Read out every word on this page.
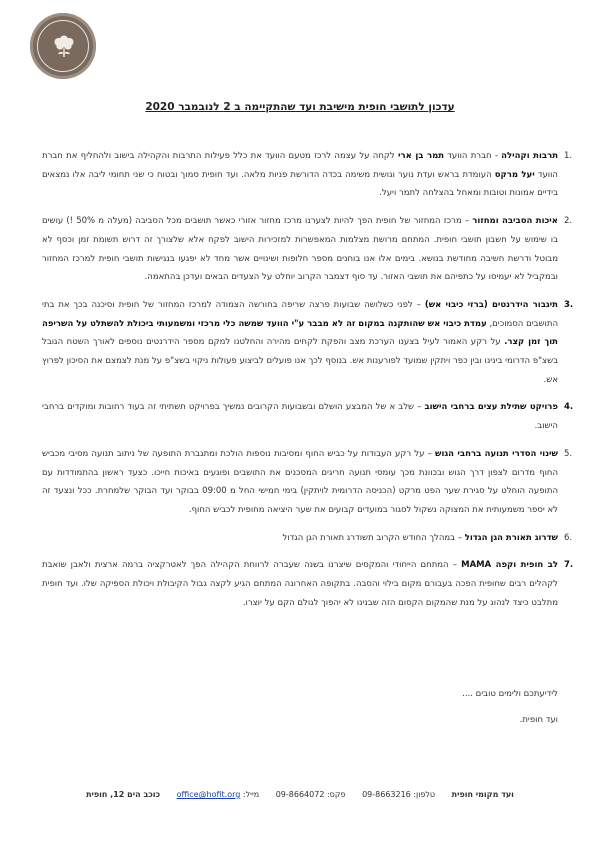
עדכון לתושבי חופית מישיבת ועד שהתקיימה ב 2 לנובמבר 2020
1.
תרבות וקהילה - חברת הוועד תמר בן ארי לקחה על עצמה לרכז מטעם הוועד את כלל פעילות התרבות והקהילה בישוב ולהחליף את חברת הוועד יעל מרקס העומדת בראש ועדת נוער וגושית משימה בכדה הדורשת פניות מלאה. ועד חופית סמוך ובטוח כי שני תחומי ליבה אלו נמצאים בידיים אמונות וטובות ומאחל בהצלחה לתמר ויעל.
2.
איכות הסביבה ומחזור – מרכז המחזור של חופית הפך להיות לצערנו מרכז מחזור אזורי כאשר תושבים מכל הסביבה (מעלה מ 50% !) עושים בו שימוש על חשבון תושבי חופית. המתחם מרושת מצלמות המאפשרות למזכירות הישוב לפקח אלא שלצורך זה דרוש תשומת זמן וכסף לא מבוטל ודרשת חשיבה מחודשת בנושא. בימים אלו אנו בוחנים מספר חלופות ושינויים אשר מחד לא יפגעו בנגישות תושבי חופית למרכז המחזור ובמקביל לא יעמיסו על כתפיהם את תושבי האזור. עד סוף דצמבר הקרוב יוחלט על הצעדים הבאים ועדכן בהתאמה.
3.
תיגבור הידרנטים (ברזי כיבוי אש) – לפני כשלושה שבועות פרצה שריפה בחורשה הצמודה למרכז המחזור של חופית וסיכנה בכך את בתי התושבים הסמוכים, עמדת כיבוי אש שהותקנה במקום זה לא מבבר ע"י הוועד שמשה כלי מרכזי ומשמעותי ביכולת להשתלט על השריפה תוך זמן קצר. על רקע האמור לעיל בצענו הערכת מצב והפקת לקחים מהירה והחלטנו למקם מספר הידרנטים נוספים לאורך השטח הגובל בשצ"פ הדרומי בינינו ובין כפר ויתקין שמועד לפורענות אש. בנוסף לכך אנו פועלים לביצוע פעולות ניקוי בשצ"פ על מנת לצמצם את הסיכון לפרוץ אש.
4.
פרויקט שתילת עצים ברחבי הישוב – שלב א של המבצע הושלם ובשבועות הקרובים נמשיך בפרויקט תשתיתי זה בעוד רחובות ומוקדים ברחבי הישוב.
5.
שינוי הסדרי תנועה ברחבי הגוש – על רקע העבודות על כביש החוף ומסיבות נוספות הולכת ומתגברת התופעה של ניתוב תנועה מסיבי מכביש החוף מדרום לצפון דרך הגוש ובכוונת מכך עומסי תנועה חריגים המסכנים את התושבים ופוגעים באיכות חייכו. כצעד ראשון בהתמודדות עם התופעה הוחלט על סגירת שער הפט מרקט (הכניסה הדרומית לויתקין) בימי חמישי החל מ 09:00 בבוקר ועד הבוקר שלמחרת. ככל ונצעד זה לא יספר משמעותית את המצוקה נשקול לסגור במועדים קבועים את שער היציאה מחופית לכביש החוף.
6.
שדרוג תאורת הגן הגדול – במהלך החודש הקרוב תשודרג תאורת הגן הגדול
7.
לב חופית וקפה MAMA – המתחם הייחודי והמקסים שיצרנו בשנה שעברה לרווחת הקהילה הפך לאטרקציה ברמה ארצית ולאבן שואבת לקהלים רבים שחופית הפכה בעבורם מקום בילוי והסבה. בתקופה האחרונה המתחם הגיע לקצה גבול הקיבולת ויכולת הספיקה שלו. ועד חופית מתלבט כיצד לנהוג על מנת שהמקום הקסום הזה שבנינו לא יהפוך לגולם הקם על יוצרו.
לידיעתכם ולימים טובים ....
ועד חופית.
ועד מקומי חופית טלפון: 09-8663216 פקס: 09-8664072 מייל: office@hofit.org כוכב הים 12, חופית
